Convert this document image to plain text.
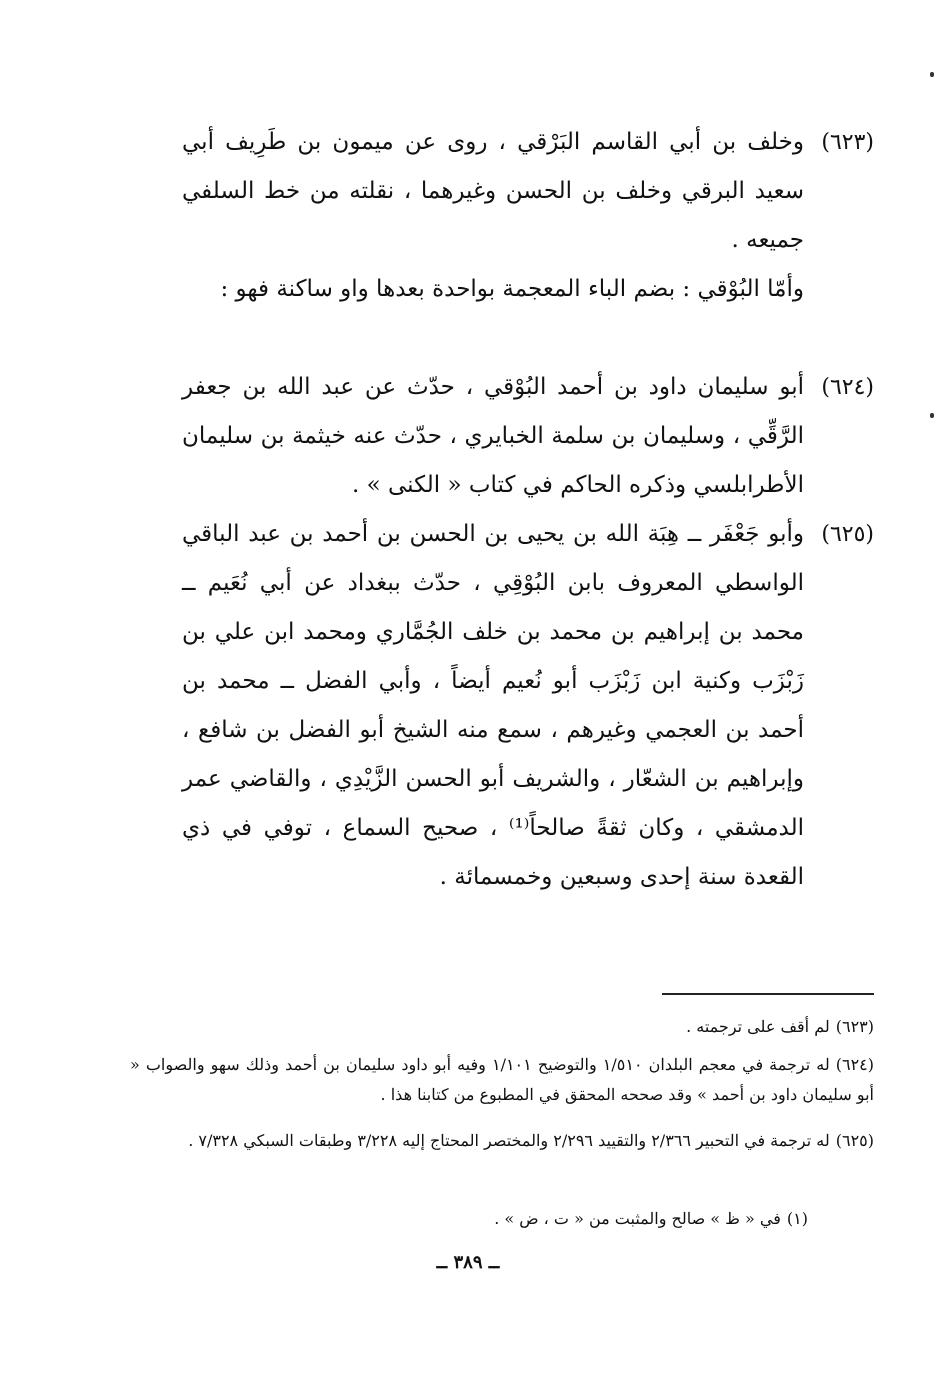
(٦٢٣)
وخلف بن أبي القاسم البَرْقي ، روى عن ميمون بن طَرِيف أبي سعيد البرقي وخلف بن الحسن وغيرهما ، نقلته من خط السلفي جميعه .
وأمّا البُوْقي : بضم الباء المعجمة بواحدة بعدها واو ساكنة فهو :
(٦٢٤)
أبو سليمان داود بن أحمد البُوْقي ، حدّث عن عبد الله بن جعفر الرَّقِّي ، وسليمان بن سلمة الخبايري ، حدّث عنه خيثمة بن سليمان الأطرابلسي وذكره الحاكم في كتاب « الكنى » .
(٦٢٥)
وأبو جَعْفَر ــ هِبَة الله بن يحيى بن الحسن بن أحمد بن عبد الباقي الواسطي المعروف بابن البُوْقِي ، حدّث ببغداد عن أبي نُعَيم ــ محمد بن إبراهيم بن محمد بن خلف الجُمَّاري ومحمد ابن علي بن زَبْزَب وكنية ابن زَبْزَب أبو نُعيم أيضاً ، وأبي الفضل ــ محمد بن أحمد بن العجمي وغيرهم ، سمع منه الشيخ أبو الفضل بن شافع ، وإبراهيم بن الشعّار ، والشريف أبو الحسن الزَّيْدِي ، والقاضي عمر الدمشقي ، وكان ثقةً صالحاً⁽¹⁾ ، صحيح السماع ، توفي في ذي القعدة سنة إحدى وسبعين وخمسمائة .
(٦٢٣)لم أقف على ترجمته .
(٦٢٤)له ترجمة في معجم البلدان ١/٥١٠ والتوضيح ١/١٠١ وفيه أبو داود سليمان بن أحمد وذلك سهو والصواب « أبو سليمان داود بن أحمد » وقد صححه المحقق في المطبوع من كتابنا هذا .
(٦٢٥)له ترجمة في التحبير ٢/٣٦٦ والتقييد ٢/٢٩٦ والمختصر المحتاج إليه ٣/٢٢٨ وطبقات السبكي ٧/٣٢٨ .
(١)في « ظ » صالح والمثبت من « ت ، ض » .
ــ ٣٨٩ ــ
